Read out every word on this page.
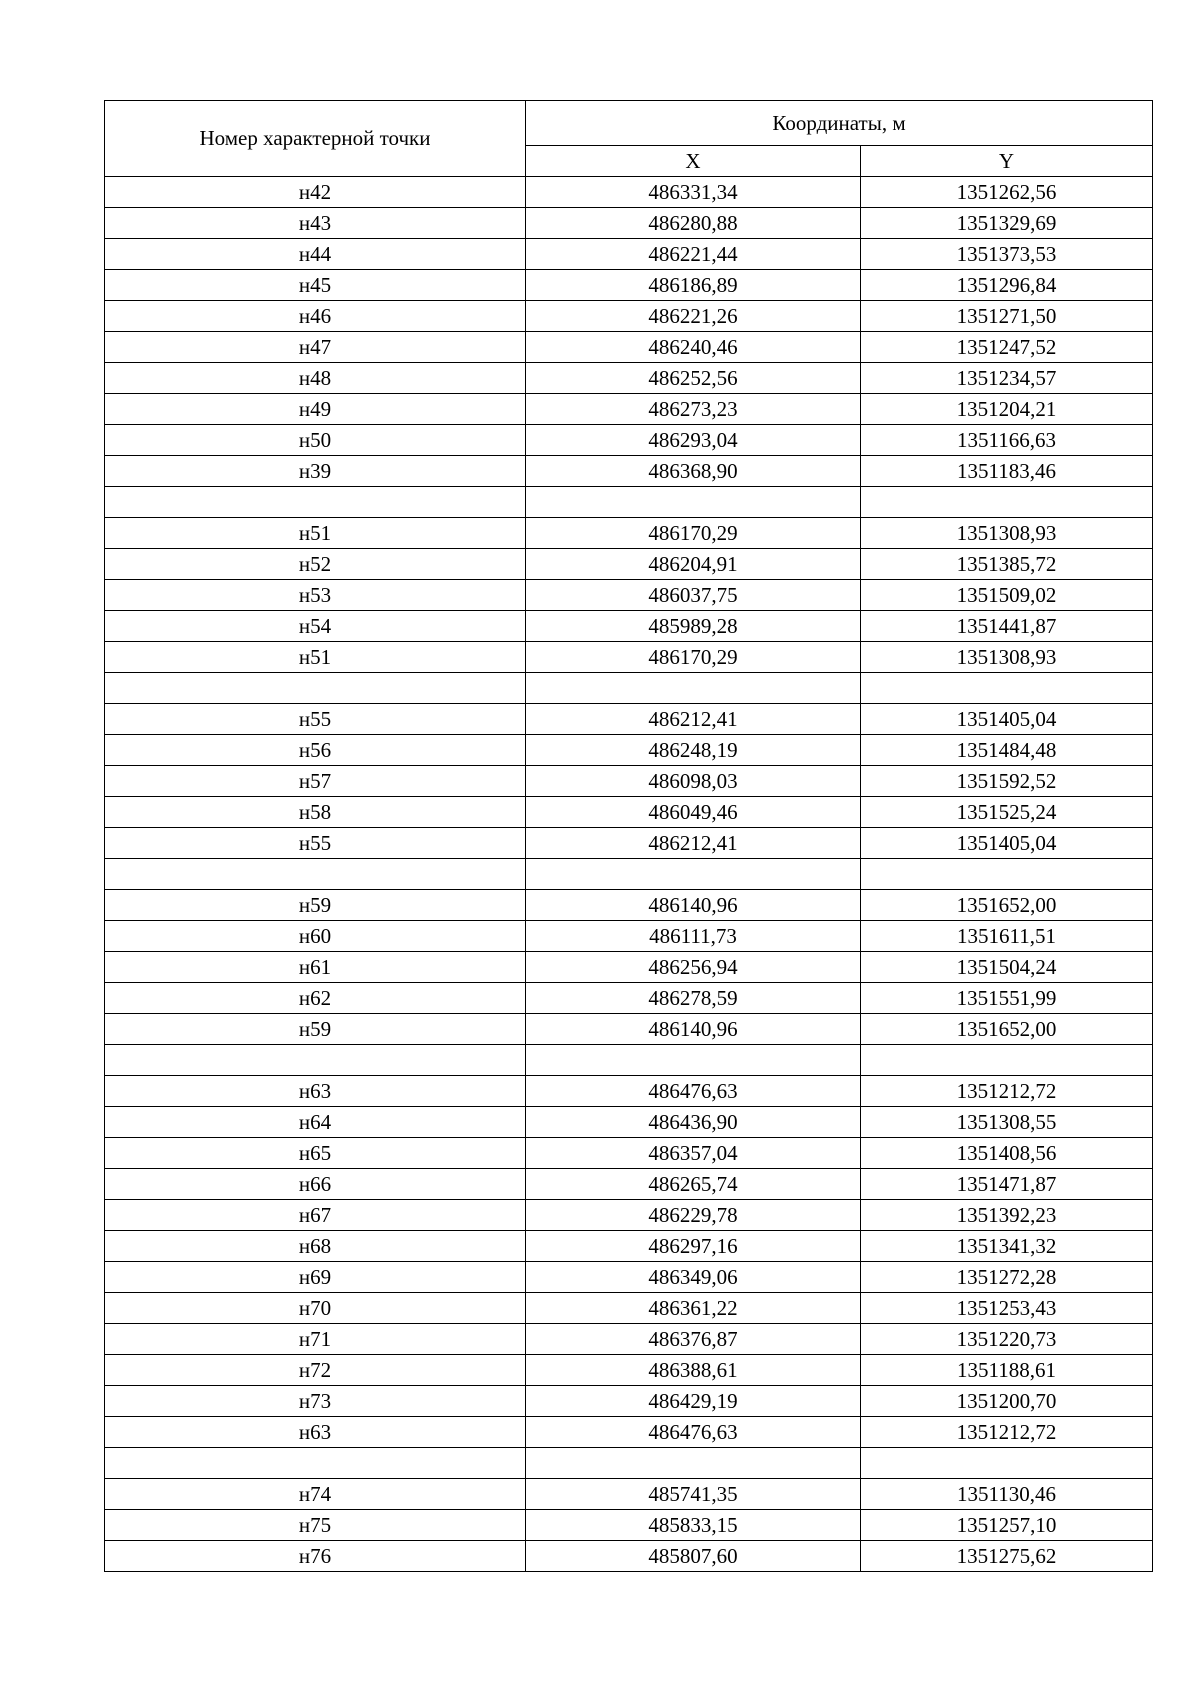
Номер характерной точки	Координаты, м	
	X	Y
н42	486331,34	1351262,56
н43	486280,88	1351329,69
н44	486221,44	1351373,53
н45	486186,89	1351296,84
н46	486221,26	1351271,50
н47	486240,46	1351247,52
н48	486252,56	1351234,57
н49	486273,23	1351204,21
н50	486293,04	1351166,63
н39	486368,90	1351183,46

н51	486170,29	1351308,93
н52	486204,91	1351385,72
н53	486037,75	1351509,02
н54	485989,28	1351441,87
н51	486170,29	1351308,93

н55	486212,41	1351405,04
н56	486248,19	1351484,48
н57	486098,03	1351592,52
н58	486049,46	1351525,24
н55	486212,41	1351405,04

н59	486140,96	1351652,00
н60	486111,73	1351611,51
н61	486256,94	1351504,24
н62	486278,59	1351551,99
н59	486140,96	1351652,00

н63	486476,63	1351212,72
н64	486436,90	1351308,55
н65	486357,04	1351408,56
н66	486265,74	1351471,87
н67	486229,78	1351392,23
н68	486297,16	1351341,32
н69	486349,06	1351272,28
н70	486361,22	1351253,43
н71	486376,87	1351220,73
н72	486388,61	1351188,61
н73	486429,19	1351200,70
н63	486476,63	1351212,72

н74	485741,35	1351130,46
н75	485833,15	1351257,10
н76	485807,60	1351275,62
